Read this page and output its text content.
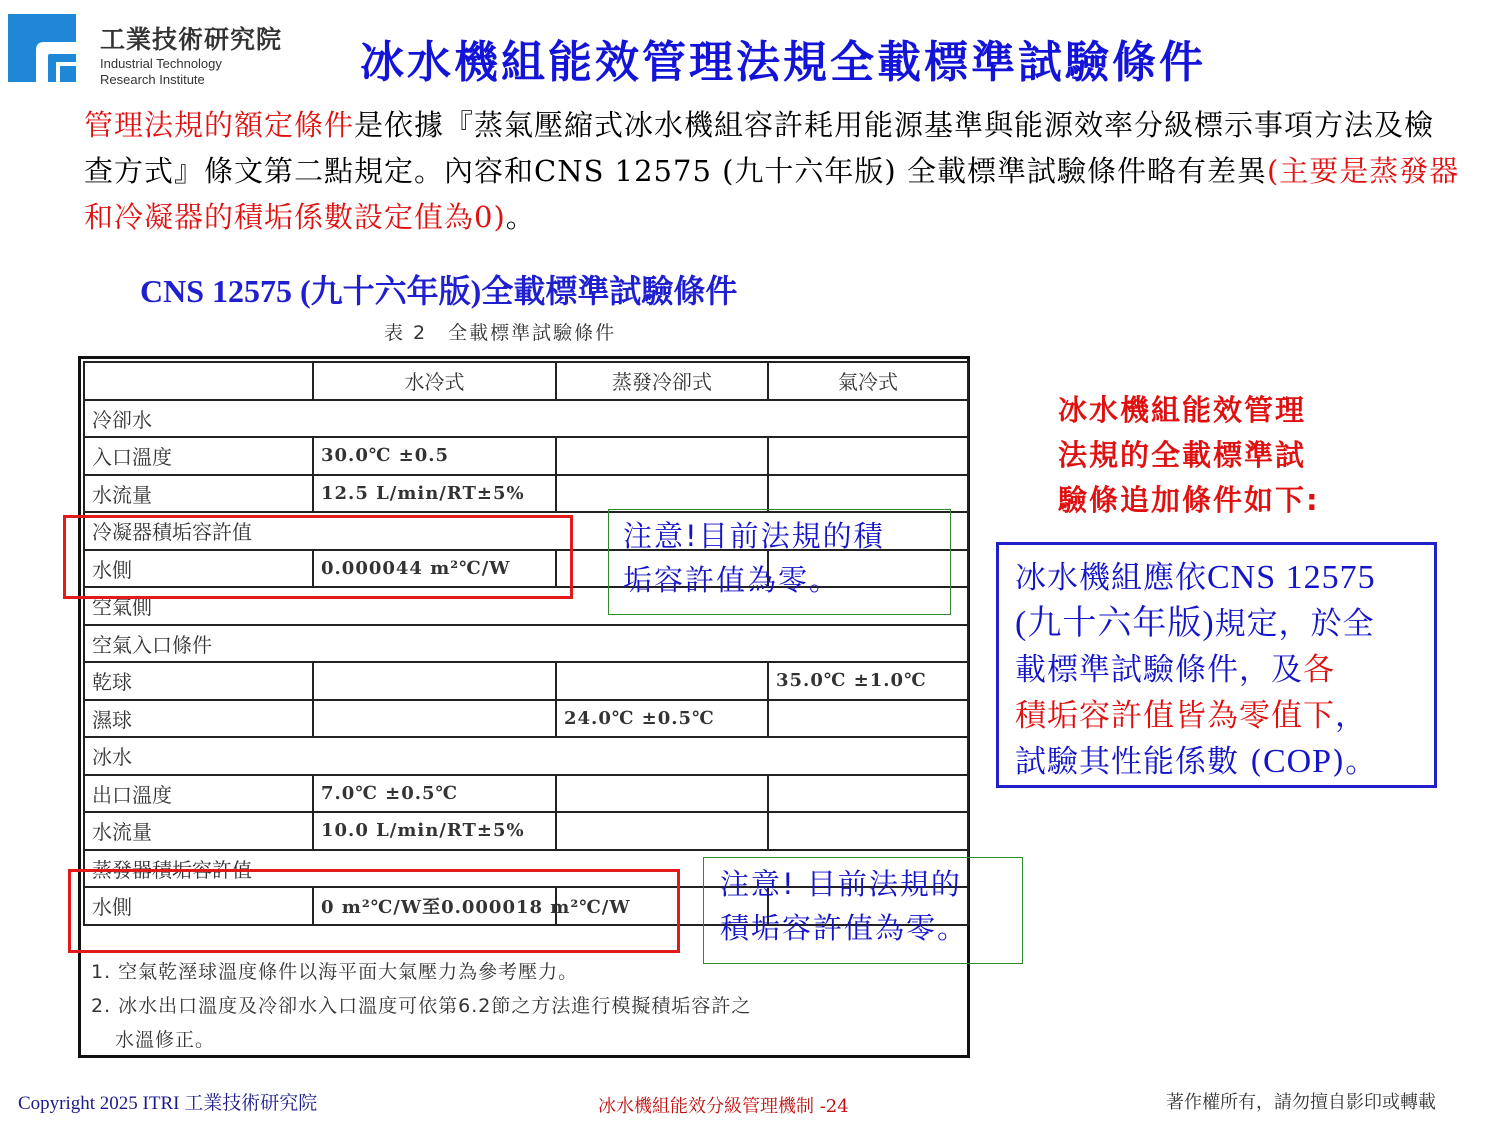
工業技術研究院
Industrial Technology
Research Institute	冰水機組能效管理法規全載標準試驗條件
管理法規的額定條件是依據『蒸氣壓縮式冰水機組容許耗用能源基準與能源效率分級標示事項方法及檢查方式』條文第二點規定。內容和CNS 12575 (九十六年版) 全載標準試驗條件略有差異(主要是蒸發器和冷凝器的積垢係數設定值為0)。
CNS 12575 (九十六年版)全載標準試驗條件
表 2　全載標準試驗條件
	水冷式	蒸發冷卻式	氣冷式
冷卻水			
入口溫度	30.0℃ ±0.5		
水流量	12.5 L/min/RT±5%		
冷凝器積垢容許值			
水側	0.000044 m²℃/W		
空氣側			
空氣入口條件			
乾球			35.0℃ ±1.0℃
濕球		24.0℃ ±0.5℃	
冰水			
出口溫度	7.0℃ ±0.5℃		
水流量	10.0 L/min/RT±5%		
蒸發器積垢容許值			
水側	0 m²℃/W至0.000018 m²℃/W		
1. 空氣乾溼球溫度條件以海平面大氣壓力為參考壓力。
2. 冰水出口溫度及冷卻水入口溫度可依第6.2節之方法進行模擬積垢容許之
水溫修正。
注意!目前法規的積
垢容許值為零。
注意! 目前法規的
積垢容許值為零。
冰水機組能效管理
法規的全載標準試
驗條追加條件如下:
冰水機組應依CNS 12575
(九十六年版)規定，於全
載標準試驗條件，及各
積垢容許值皆為零值下，
試驗其性能係數 (COP)。
Copyright 2025 ITRI 工業技術研究院	冰水機組能效分級管理機制 -24	著作權所有，請勿擅自影印或轉載
